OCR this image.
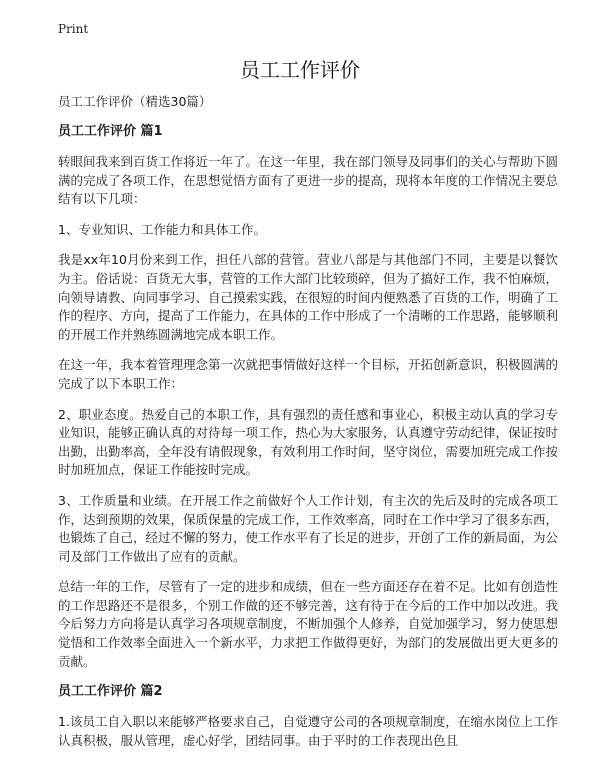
Print
员工工作评价

员工工作评价（精选30篇）

员工工作评价 篇1

转眼间我来到百货工作将近一年了。在这一年里，我在部门领导及同事们的关心与帮助下圆满的完成了各项工作，在思想觉悟方面有了更进一步的提高，现将本年度的工作情况主要总结有以下几项：

1、专业知识、工作能力和具体工作。

我是xx年10月份来到工作，担任八部的营管。营业八部是与其他部门不同，主要是以餐饮为主。俗话说：百货无大事，营管的工作大部门比较琐碎，但为了搞好工作，我不怕麻烦，向领导请教、向同事学习、自己摸索实践，在很短的时间内便熟悉了百货的工作，明确了工作的程序、方向，提高了工作能力，在具体的工作中形成了一个清晰的工作思路，能够顺利的开展工作并熟练圆满地完成本职工作。

在这一年，我本着管理理念第一次就把事情做好这样一个目标，开拓创新意识，积极圆满的完成了以下本职工作：

2、职业态度。热爱自己的本职工作，具有强烈的责任感和事业心，积极主动认真的学习专业知识，能够正确认真的对待每一项工作，热心为大家服务，认真遵守劳动纪律，保证按时出勤，出勤率高，全年没有请假现象，有效利用工作时间，坚守岗位，需要加班完成工作按时加班加点，保证工作能按时完成。

3、工作质量和业绩。在开展工作之前做好个人工作计划，有主次的先后及时的完成各项工作，达到预期的效果，保质保量的完成工作，工作效率高，同时在工作中学习了很多东西，也锻炼了自己，经过不懈的努力，使工作水平有了长足的进步，开创了工作的新局面，为公司及部门工作做出了应有的贡献。

总结一年的工作，尽管有了一定的进步和成绩，但在一些方面还存在着不足。比如有创造性的工作思路还不是很多，个别工作做的还不够完善，这有待于在今后的工作中加以改进。我今后努力方向将是认真学习各项规章制度，不断加强个人修养，自觉加强学习，努力使思想觉悟和工作效率全面进入一个新水平，力求把工作做得更好，为部门的发展做出更大更多的贡献。

员工工作评价 篇2

1.该员工自入职以来能够严格要求自己，自觉遵守公司的各项规章制度，在缩水岗位上工作认真积极，服从管理，虚心好学，团结同事。由于平时的工作表现出色且
